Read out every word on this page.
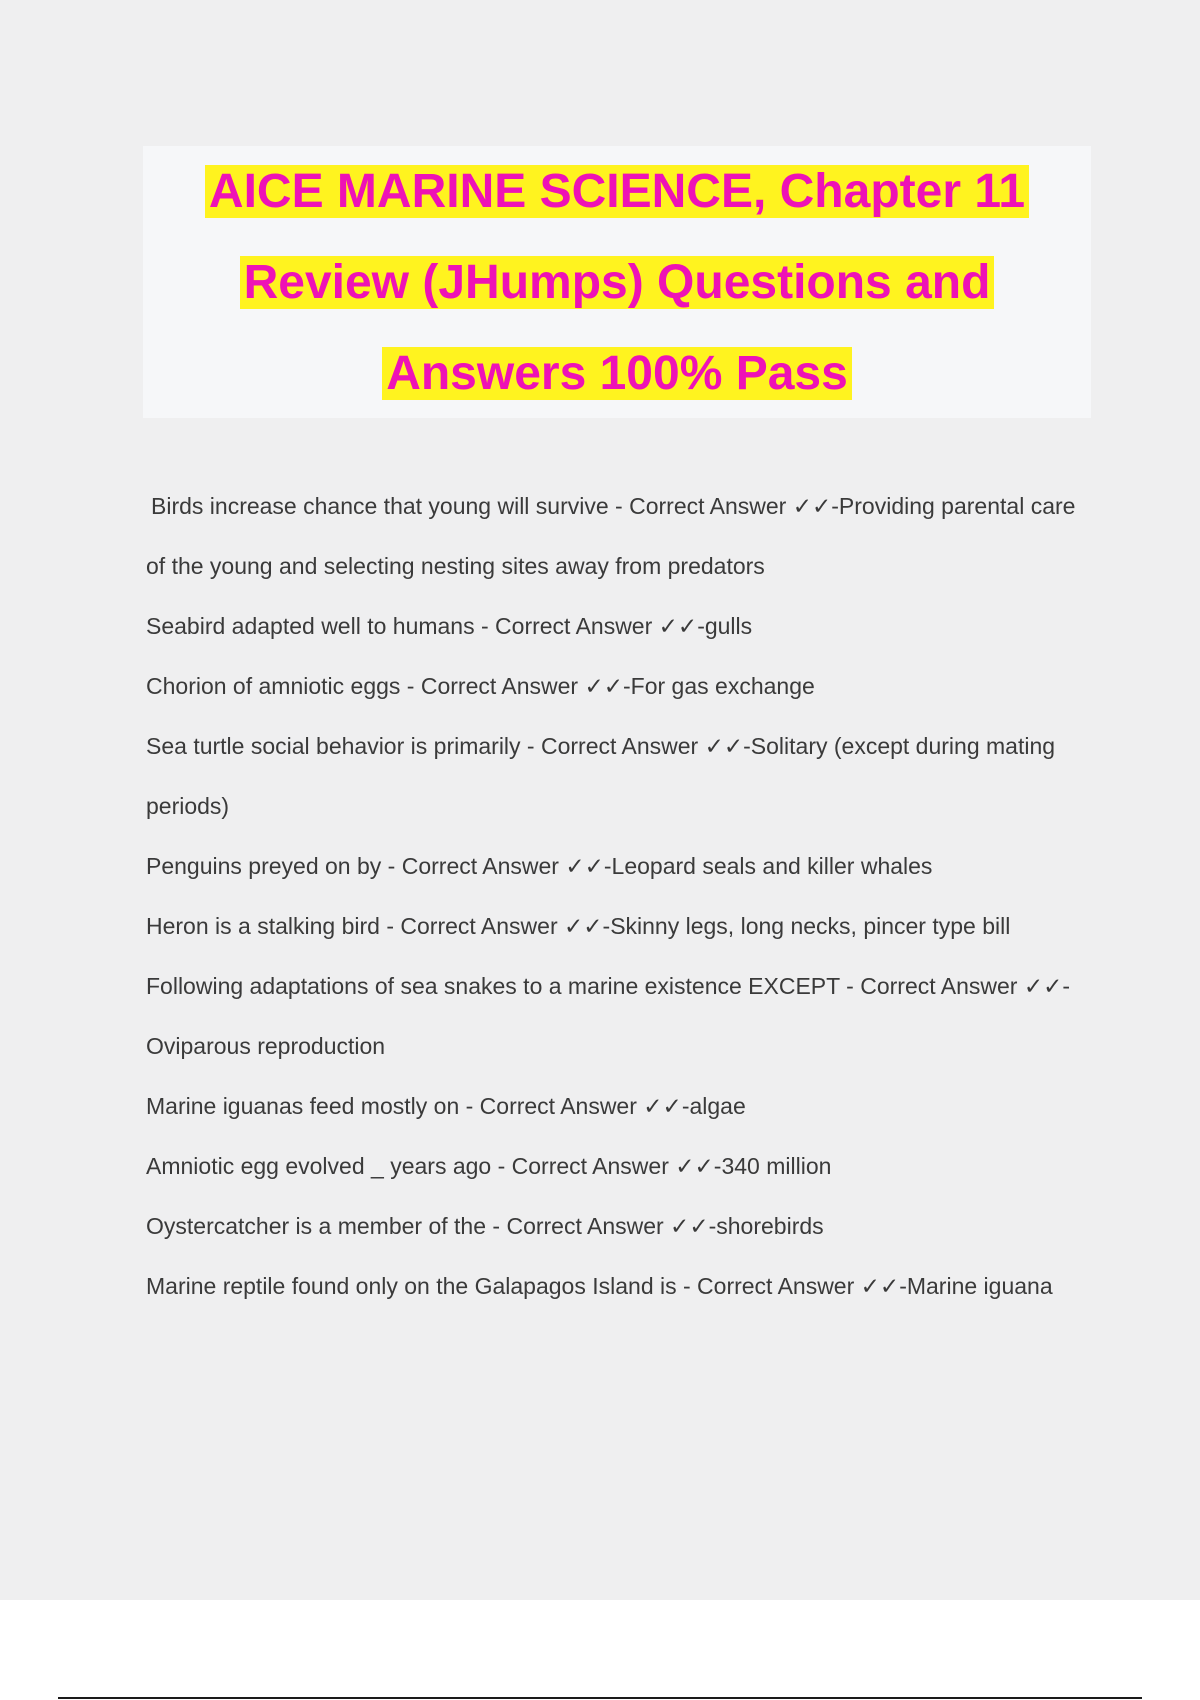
AICE MARINE SCIENCE, Chapter 11
Review (JHumps) Questions and
Answers 100% Pass
Birds increase chance that young will survive - Correct Answer ✓✓-Providing parental care of the young and selecting nesting sites away from predators
Seabird adapted well to humans - Correct Answer ✓✓-gulls
Chorion of amniotic eggs - Correct Answer ✓✓-For gas exchange
Sea turtle social behavior is primarily - Correct Answer ✓✓-Solitary (except during mating periods)
Penguins preyed on by - Correct Answer ✓✓-Leopard seals and killer whales
Heron is a stalking bird - Correct Answer ✓✓-Skinny legs, long necks, pincer type bill
Following adaptations of sea snakes to a marine existence EXCEPT - Correct Answer ✓✓-Oviparous reproduction
Marine iguanas feed mostly on - Correct Answer ✓✓-algae
Amniotic egg evolved _ years ago - Correct Answer ✓✓-340 million
Oystercatcher is a member of the - Correct Answer ✓✓-shorebirds
Marine reptile found only on the Galapagos Island is - Correct Answer ✓✓-Marine iguana
